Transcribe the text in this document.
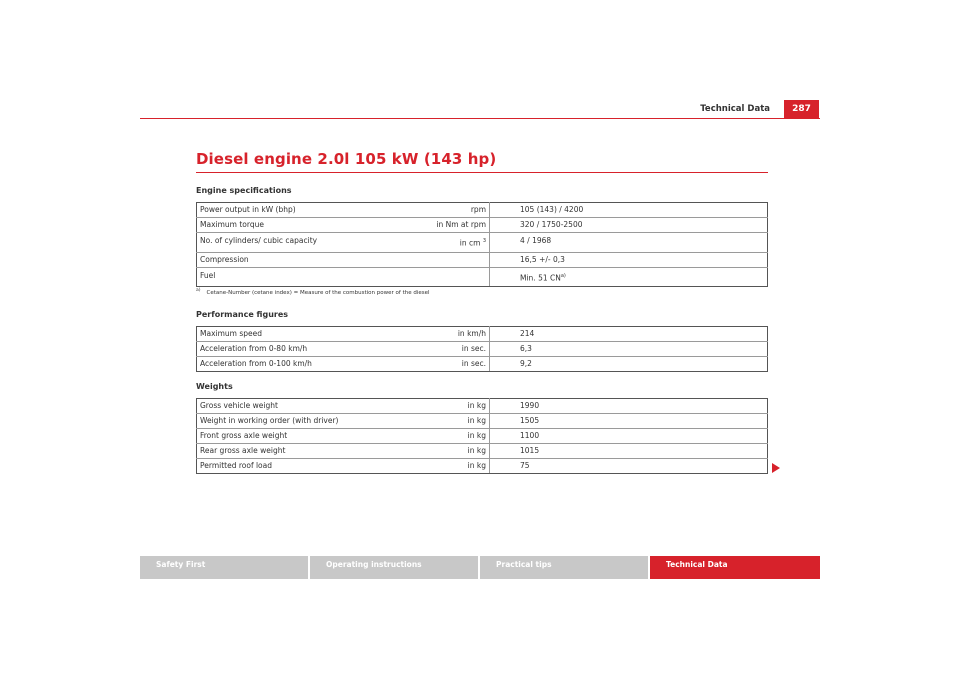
Technical Data	287
Diesel engine 2.0l 105 kW (143 hp)
Engine specifications
Power output in kW (bhp)	rpm	105 (143) / 4200
Maximum torque	in Nm at rpm	320 / 1750-2500
No. of cylinders/ cubic capacity	in cm $^3$	4 / 1968
Compression		16,5 +/- 0,3
Fuel		Min. 51 CN$^{a)}$
$^{a)}$ Cetane-Number (cetane index) = Measure of the combustion power of the diesel
Performance figures
Maximum speed	in km/h	214
Acceleration from 0-80 km/h	in sec.	6,3
Acceleration from 0-100 km/h	in sec.	9,2
Weights
Gross vehicle weight	in kg	1990
Weight in working order (with driver)	in kg	1505
Front gross axle weight	in kg	1100
Rear gross axle weight	in kg	1015
Permitted roof load	in kg	75
Safety First	Operating instructions	Practical tips	Technical Data
